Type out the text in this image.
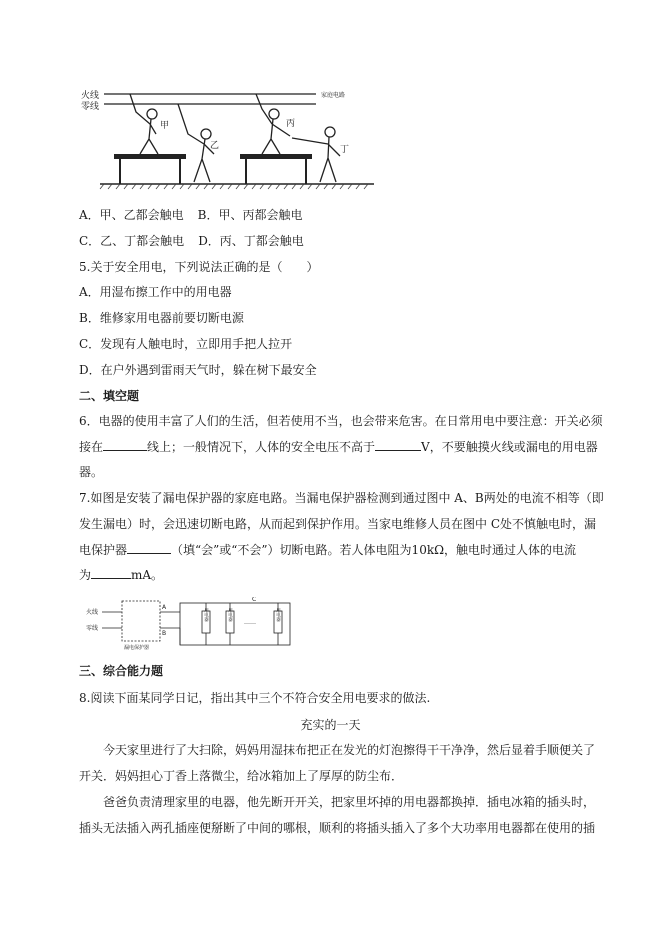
火线
零线
家庭电路
甲
乙
丙
丁
A．甲、乙都会触电 B．甲、丙都会触电
C．乙、丁都会触电 D．丙、丁都会触电
5.关于安全用电，下列说法正确的是（　　）
A．用湿布擦工作中的用电器
B．维修家用电器前要切断电源
C．发现有人触电时，立即用手把人拉开
D．在户外遇到雷雨天气时，躲在树下最安全
二、填空题
6．电器的使用丰富了人们的生活，但若使用不当，也会带来危害。在日常用电中要注意：开关必须
接在	线上；一般情况下，人体的安全电压不高于	V，不要触摸火线或漏电的用电器
器。
7.如图是安装了漏电保护器的家庭电路。当漏电保护器检测到通过图中 A、B两处的电流不相等（即
发生漏电）时，会迅速切断电路，从而起到保护作用。当家电维修人员在图中 C处不慎触电时，漏
电保护器	（填“会”或“不会”）切断电路。若人体电阻为10kΩ，触电时通过人体的电流
为	mA。
火线
零线
漏电保护器
A
B
……
C
用电器	用电器	用电器
三、综合能力题
8.阅读下面某同学日记，指出其中三个不符合安全用电要求的做法.
充实的一天
今天家里进行了大扫除，妈妈用湿抹布把正在发光的灯泡擦得干干净净，然后显着手顺便关了
开关．妈妈担心丁香上落微尘，给冰箱加上了厚厚的防尘布．
爸爸负责清理家里的电器，他先断开开关，把家里坏掉的用电器都换掉．插电冰箱的插头时，
插头无法插入两孔插座便掰断了中间的哪根，顺利的将插头插入了多个大功率用电器都在使用的插
